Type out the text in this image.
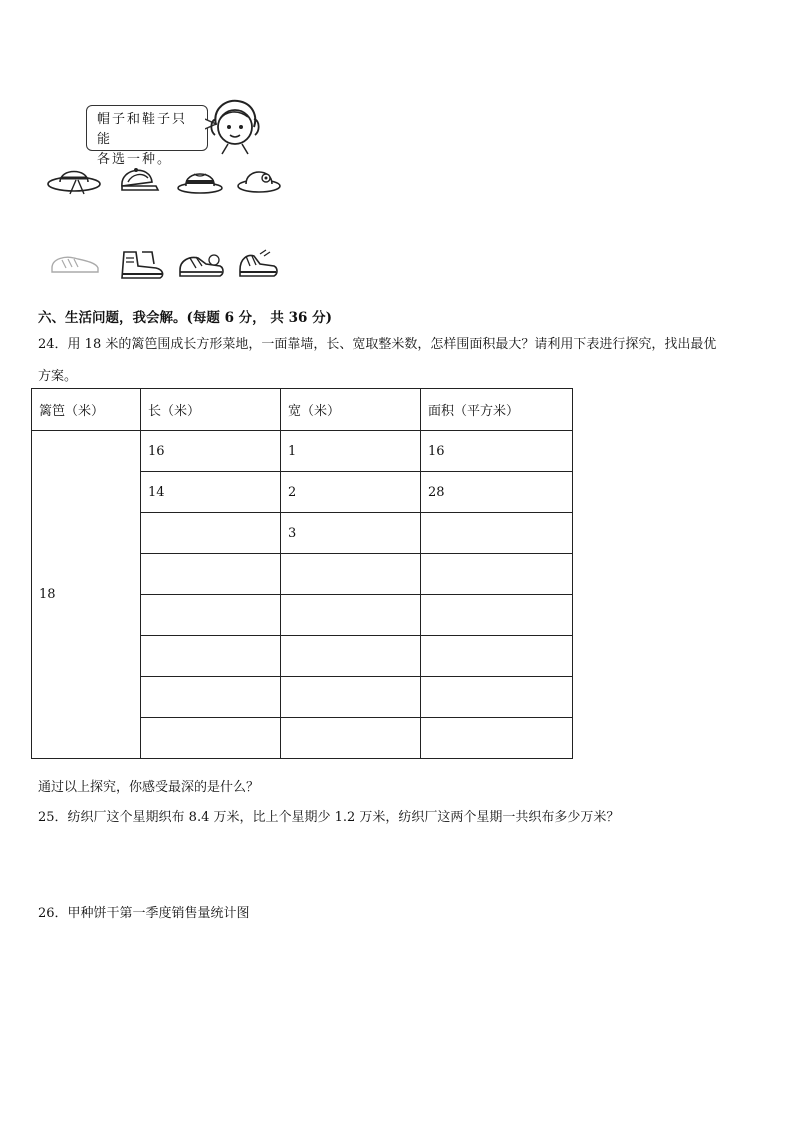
帽子和鞋子只能
各选一种。
六、生活问题，我会解。(每题 6 分， 共 36 分)
24．用 18 米的篱笆围成长方形菜地，一面靠墙，长、宽取整米数，怎样围面积最大？请利用下表进行探究，找出最优
方案。
篱笆（米）	长（米）	宽（米）	面积（平方米）
18	16	1	16
	14	2	28
		3	

通过以上探究，你感受最深的是什么？
25．纺织厂这个星期织布 8.4 万米，比上个星期少 1.2 万米，纺织厂这两个星期一共织布多少万米？
26．甲种饼干第一季度销售量统计图
